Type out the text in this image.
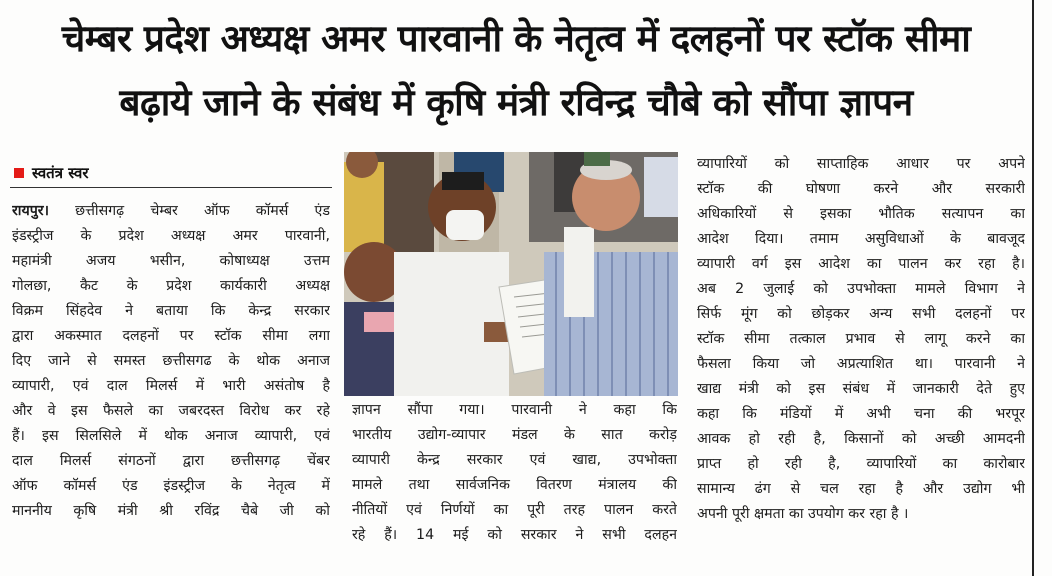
चेम्बर प्रदेश अध्यक्ष अमर पारवानी के नेतृत्व में दलहनों पर स्टॉक सीमा
बढ़ाये जाने के संबंध में कृषि मंत्री रविन्द्र चौबे को सौंपा ज्ञापन
स्वतंत्र स्वर

रायपुर। छत्तीसगढ़ चेम्बर ऑफ कॉमर्स एंड

इंडस्ट्रीज के प्रदेश अध्यक्ष अमर पारवानी,

महामंत्री अजय भसीन, कोषाध्यक्ष उत्तम

गोलछा, कैट के प्रदेश कार्यकारी अध्यक्ष

विक्रम सिंहदेव ने बताया कि केन्द्र सरकार

द्वारा अकस्मात दलहनों पर स्टॉक सीमा लगा

दिए जाने से समस्त छत्तीसगढ के थोक अनाज

व्यापारी, एवं दाल मिलर्स में भारी असंतोष है

और वे इस फैसले का जबरदस्त विरोध कर रहे

हैं। इस सिलसिले में थोक अनाज व्यापारी, एवं

दाल मिलर्स संगठनों द्वारा छत्तीसगढ़ चेंबर

ऑफ कॉमर्स एंड इंडस्ट्रीज के नेतृत्व में

माननीय कृषि मंत्री श्री रविंद्र चैबे जी को

ज्ञापन सौंपा गया। पारवानी ने कहा कि

भारतीय उद्योग-व्यापार मंडल के सात करोड़

व्यापारी केन्द्र सरकार एवं खाद्य, उपभोक्ता

मामले तथा सार्वजनिक वितरण मंत्रालय की

नीतियों एवं निर्णयों का पूरी तरह पालन करते

रहे हैं। 14 मई को सरकार ने सभी दलहन

व्यापारियों को साप्ताहिक आधार पर अपने

स्टॉक की घोषणा करने और सरकारी

अधिकारियों से इसका भौतिक सत्यापन का

आदेश दिया। तमाम असुविधाओं के बावजूद

व्यापारी वर्ग इस आदेश का पालन कर रहा है।

अब 2 जुलाई को उपभोक्ता मामले विभाग ने

सिर्फ मूंग को छोड़कर अन्य सभी दलहनों पर

स्टॉक सीमा तत्काल प्रभाव से लागू करने का

फैसला किया जो अप्रत्याशित था। पारवानी ने

खाद्य मंत्री को इस संबंध में जानकारी देते हुए

कहा कि मंडियों में अभी चना की भरपूर

आवक हो रही है, किसानों को अच्छी आमदनी

प्राप्त हो रही है, व्यापारियों का कारोबार

सामान्य ढंग से चल रहा है और उद्योग भी

अपनी पूरी क्षमता का उपयोग कर रहा है ।
